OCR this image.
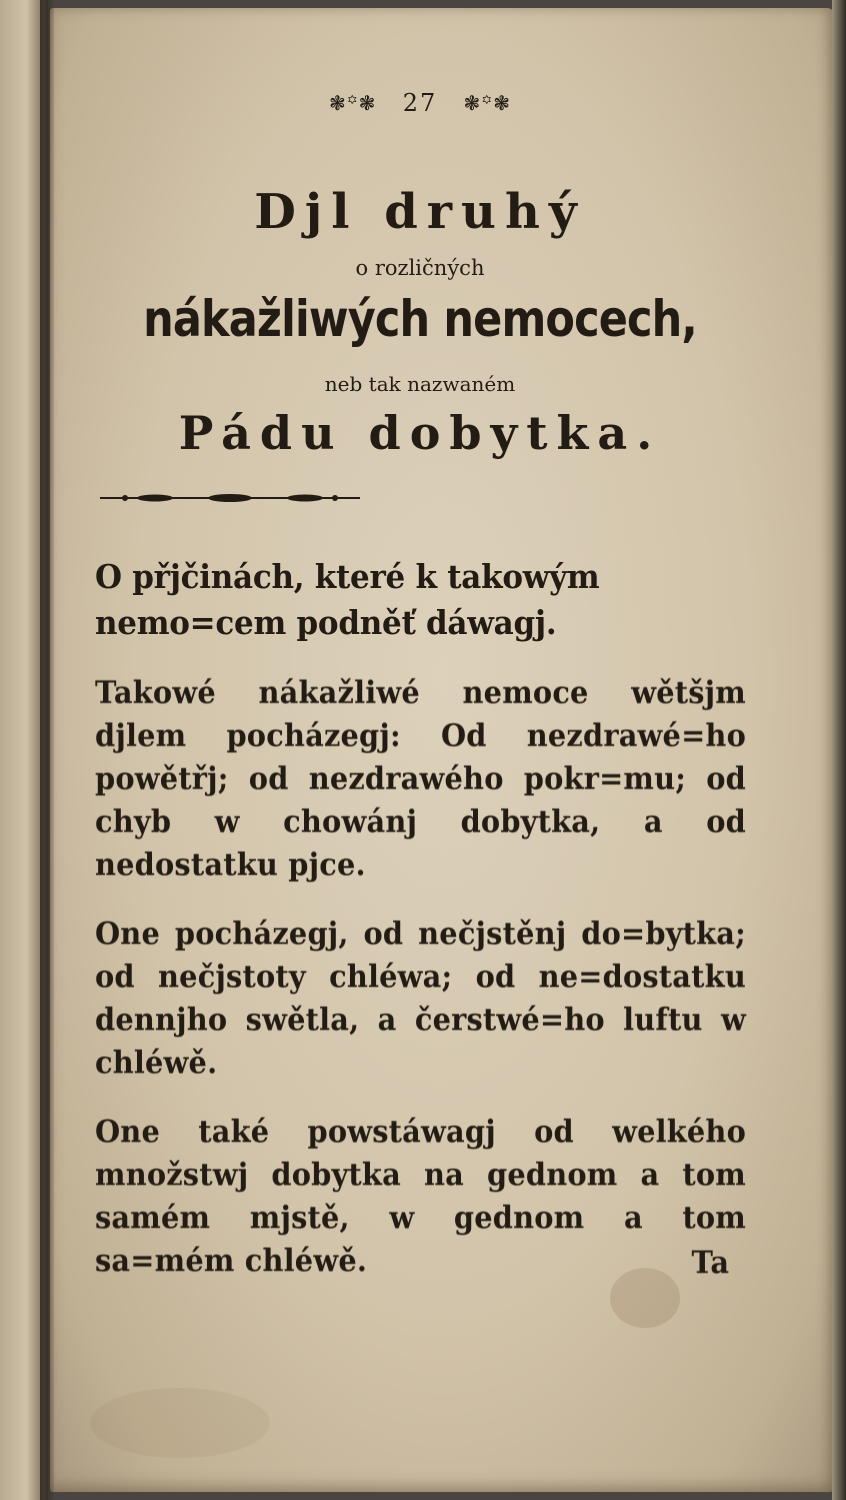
❃꙳❃ 27 ❃꙳❃
Djl druhý
o rozličných
nákažliwých nemocech,
neb tak nazwaném
Pádu dobytka.
O přjčinách, které k takowým nemo=cem podněť dáwagj.
Takowé nákažliwé nemoce wětšjm djlem pocházegj: Od nezdrawé=ho powětřj; od nezdrawého pokr=mu; od chyb w chowánj dobytka, a od nedostatku pjce.
One pocházegj, od nečjstěnj do=bytka; od nečjstoty chléwa; od ne=dostatku dennjho swětla, a čerstwé=ho luftu w chléwě.
One také powstáwagj od welkého množstwj dobytka na gednom a tom samém mjstě, w gednom a tom sa=mém chléwě.	Ta
